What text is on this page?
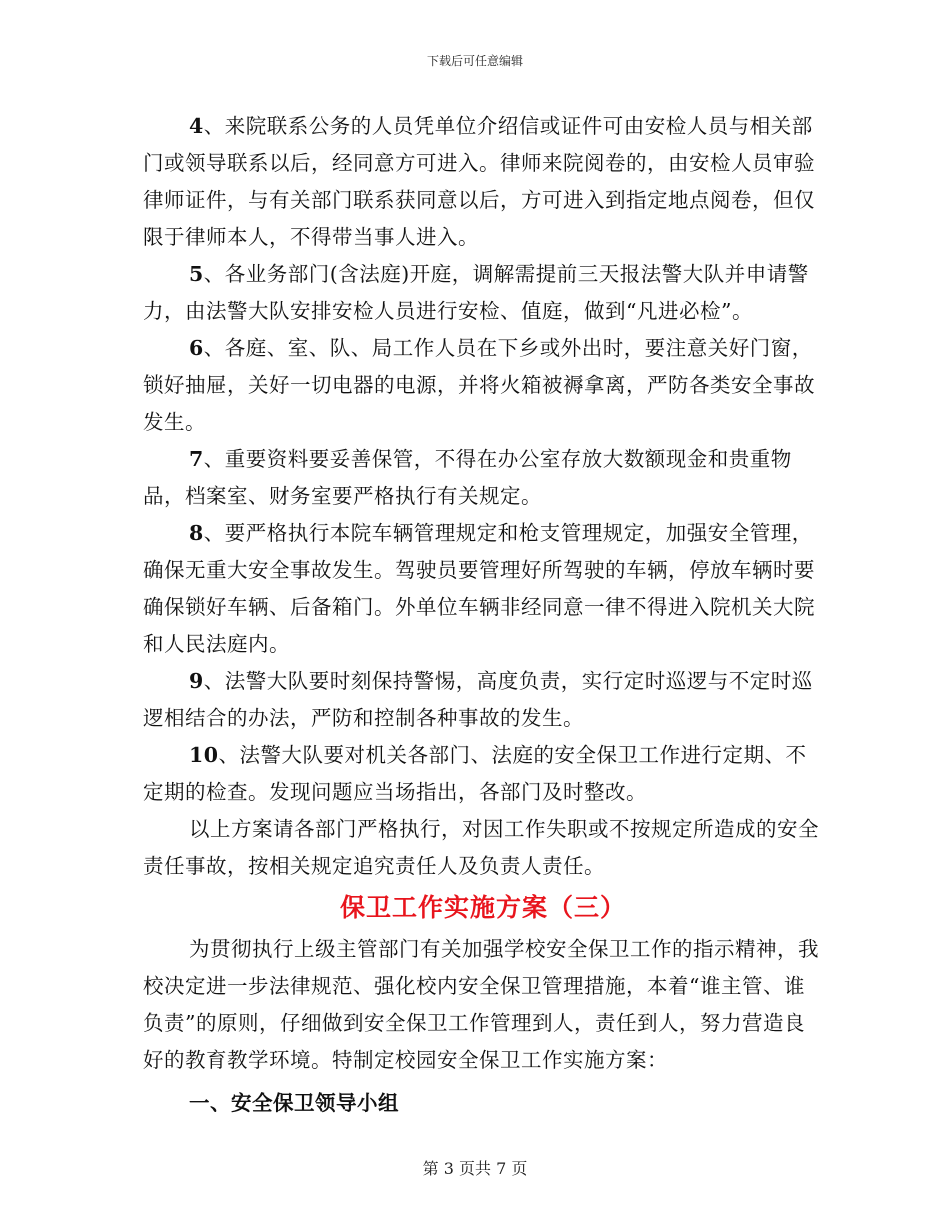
下载后可任意编辑

4、来院联系公务的人员凭单位介绍信或证件可由安检人员与相关部门或领导联系以后，经同意方可进入。律师来院阅卷的，由安检人员审验律师证件，与有关部门联系获同意以后，方可进入到指定地点阅卷，但仅限于律师本人，不得带当事人进入。

5、各业务部门(含法庭)开庭，调解需提前三天报法警大队并申请警力，由法警大队安排安检人员进行安检、值庭，做到“凡进必检”。

6、各庭、室、队、局工作人员在下乡或外出时，要注意关好门窗，锁好抽屉，关好一切电器的电源，并将火箱被褥拿离，严防各类安全事故发生。

7、重要资料要妥善保管，不得在办公室存放大数额现金和贵重物品，档案室、财务室要严格执行有关规定。

8、要严格执行本院车辆管理规定和枪支管理规定，加强安全管理，确保无重大安全事故发生。驾驶员要管理好所驾驶的车辆，停放车辆时要确保锁好车辆、后备箱门。外单位车辆非经同意一律不得进入院机关大院和人民法庭内。

9、法警大队要时刻保持警惕，高度负责，实行定时巡逻与不定时巡逻相结合的办法，严防和控制各种事故的发生。

10、法警大队要对机关各部门、法庭的安全保卫工作进行定期、不定期的检查。发现问题应当场指出，各部门及时整改。

以上方案请各部门严格执行，对因工作失职或不按规定所造成的安全责任事故，按相关规定追究责任人及负责人责任。

保卫工作实施方案（三）

为贯彻执行上级主管部门有关加强学校安全保卫工作的指示精神，我校决定进一步法律规范、强化校内安全保卫管理措施，本着“谁主管、谁负责”的原则，仔细做到安全保卫工作管理到人，责任到人，努力营造良好的教育教学环境。特制定校园安全保卫工作实施方案：

一、安全保卫领导小组
第 3 页共 7 页
